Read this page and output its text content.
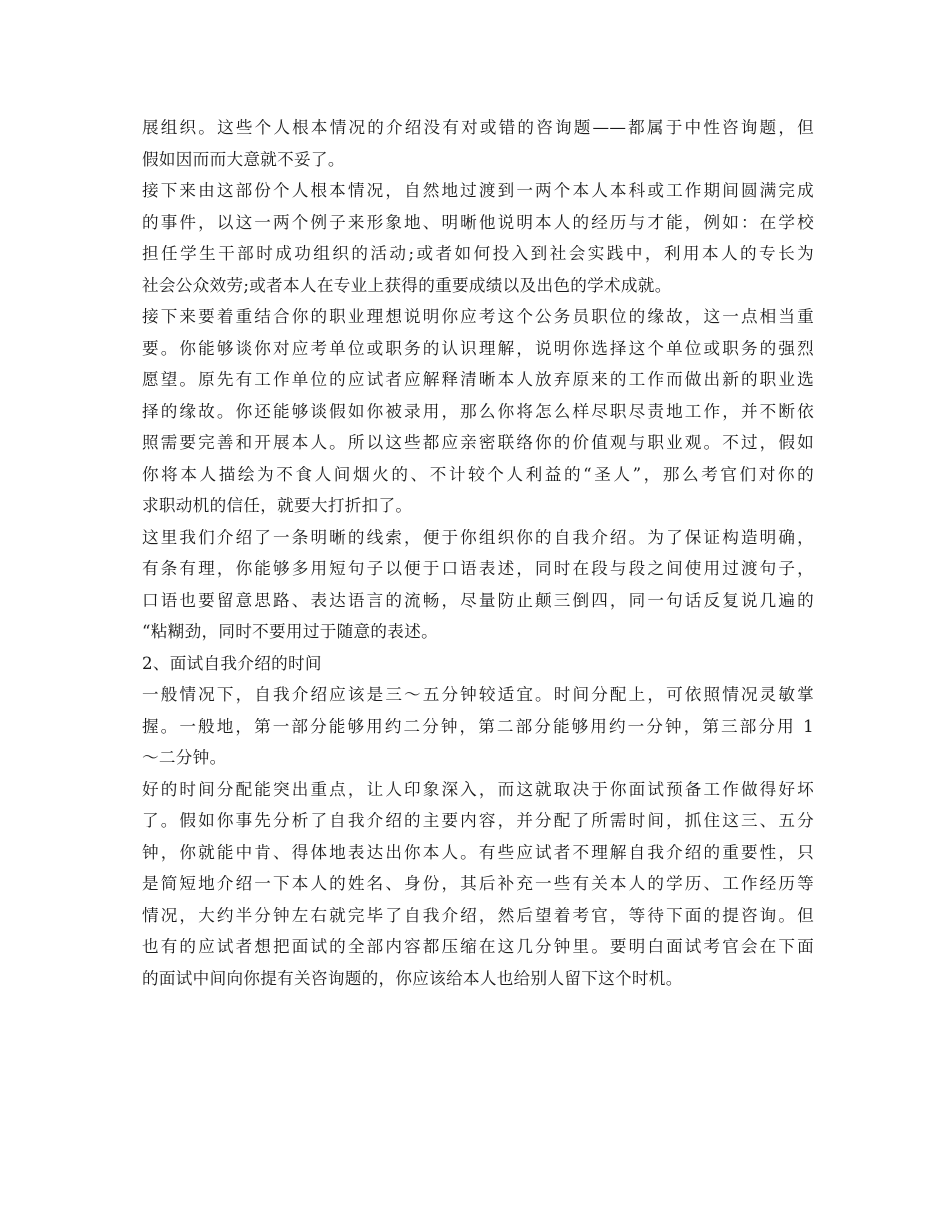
展组织。这些个人根本情况的介绍没有对或错的咨询题——都属于中性咨询题，但
假如因而而大意就不妥了。
接下来由这部份个人根本情况，自然地过渡到一两个本人本科或工作期间圆满完成
的事件，以这一两个例子来形象地、明晰他说明本人的经历与才能，例如：在学校
担任学生干部时成功组织的活动;或者如何投入到社会实践中，利用本人的专长为
社会公众效劳;或者本人在专业上获得的重要成绩以及出色的学术成就。
接下来要着重结合你的职业理想说明你应考这个公务员职位的缘故，这一点相当重
要。你能够谈你对应考单位或职务的认识理解，说明你选择这个单位或职务的强烈
愿望。原先有工作单位的应试者应解释清晰本人放弃原来的工作而做出新的职业选
择的缘故。你还能够谈假如你被录用，那么你将怎么样尽职尽责地工作，并不断依
照需要完善和开展本人。所以这些都应亲密联络你的价值观与职业观。不过，假如
你将本人描绘为不食人间烟火的、不计较个人利益的“圣人”，那么考官们对你的
求职动机的信任，就要大打折扣了。
这里我们介绍了一条明晰的线索，便于你组织你的自我介绍。为了保证构造明确，
有条有理，你能够多用短句子以便于口语表述，同时在段与段之间使用过渡句子，
口语也要留意思路、表达语言的流畅，尽量防止颠三倒四，同一句话反复说几遍的
“粘糊劲，同时不要用过于随意的表述。
2、面试自我介绍的时间
一般情况下，自我介绍应该是三～五分钟较适宜。时间分配上，可依照情况灵敏掌
握。一般地，第一部分能够用约二分钟，第二部分能够用约一分钟，第三部分用 1
～二分钟。
好的时间分配能突出重点，让人印象深入，而这就取决于你面试预备工作做得好坏
了。假如你事先分析了自我介绍的主要内容，并分配了所需时间，抓住这三、五分
钟，你就能中肯、得体地表达出你本人。有些应试者不理解自我介绍的重要性，只
是简短地介绍一下本人的姓名、身份，其后补充一些有关本人的学历、工作经历等
情况，大约半分钟左右就完毕了自我介绍，然后望着考官，等待下面的提咨询。但
也有的应试者想把面试的全部内容都压缩在这几分钟里。要明白面试考官会在下面
的面试中间向你提有关咨询题的，你应该给本人也给别人留下这个时机。
